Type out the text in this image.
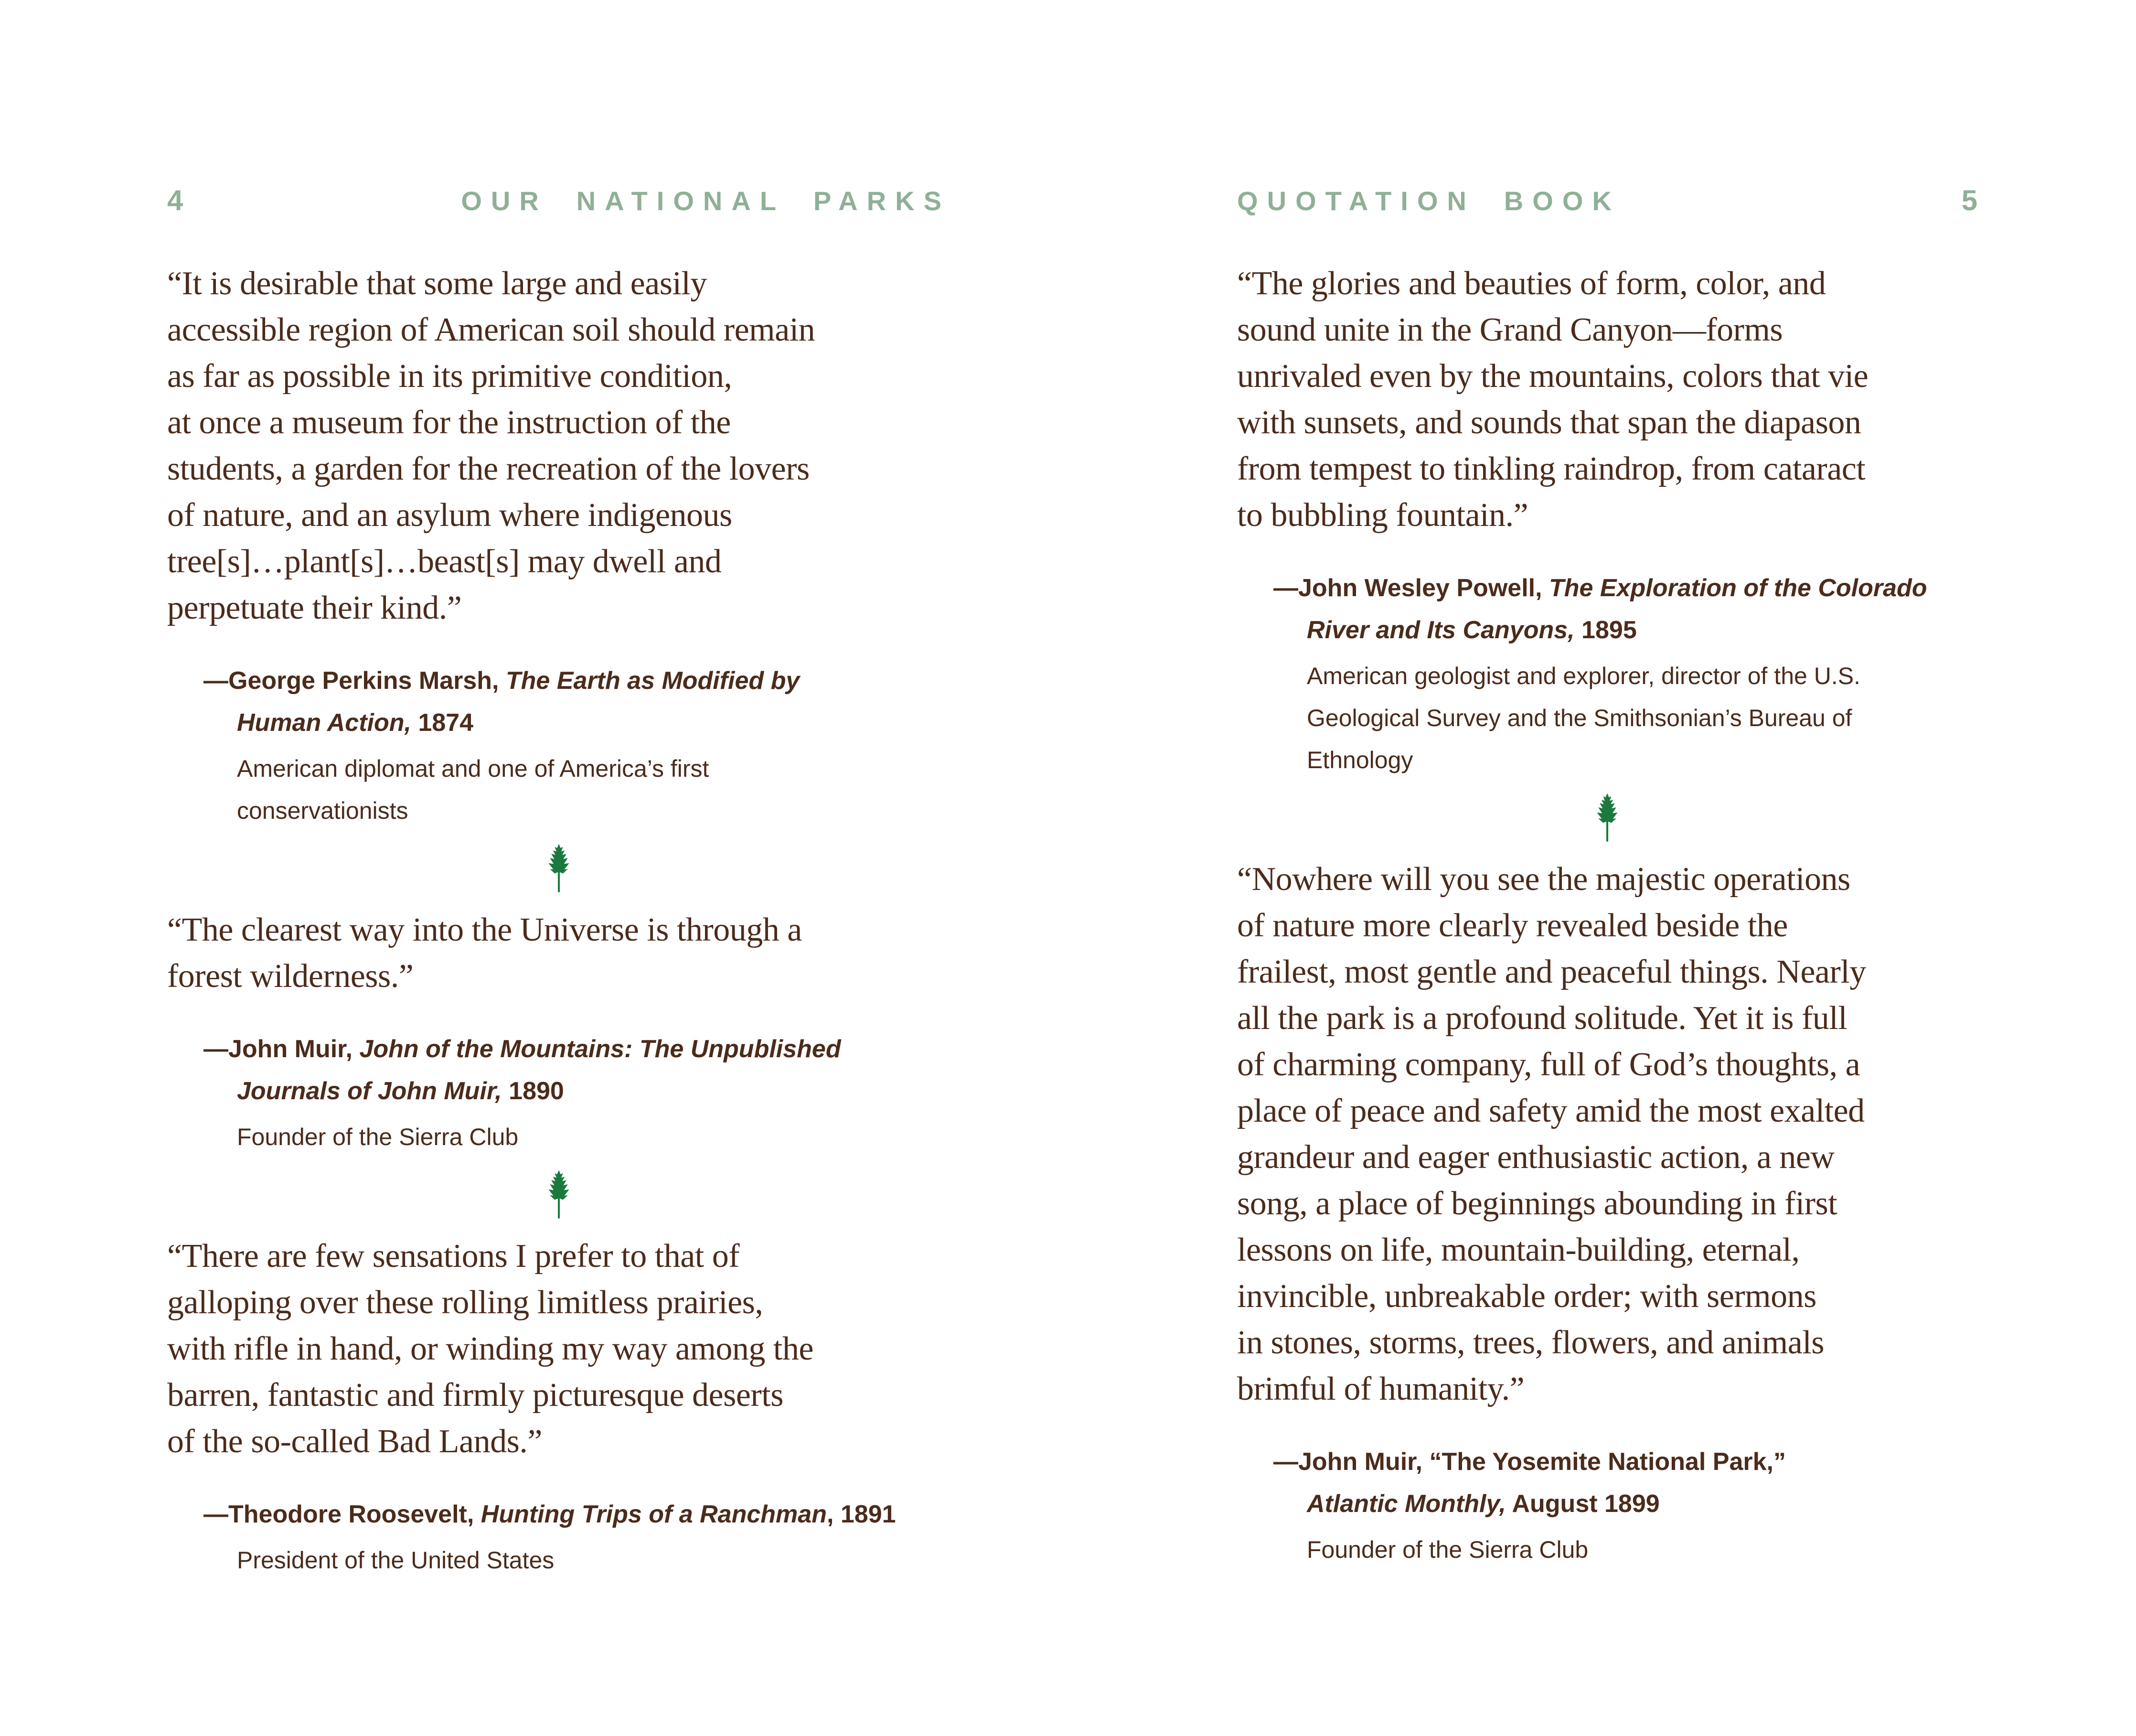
4	OUR NATIONAL PARKS
“It is desirable that some large and easily
accessible region of American soil should remain
as far as possible in its primitive condition,
at once a museum for the instruction of the
students, a garden for the recreation of the lovers
of nature, and an asylum where indigenous
tree[s]…plant[s]…beast[s] may dwell and
perpetuate their kind.”
—George Perkins Marsh, The Earth as Modified by
Human Action, 1874
American diplomat and one of America’s first
conservationists
“The clearest way into the Universe is through a
forest wilderness.”
—John Muir, John of the Mountains: The Unpublished
Journals of John Muir, 1890
Founder of the Sierra Club
“There are few sensations I prefer to that of
galloping over these rolling limitless prairies,
with rifle in hand, or winding my way among the
barren, fantastic and firmly picturesque deserts
of the so-called Bad Lands.”
—Theodore Roosevelt, Hunting Trips of a Ranchman, 1891
President of the United States
QUOTATION BOOK	5
“The glories and beauties of form, color, and
sound unite in the Grand Canyon—forms
unrivaled even by the mountains, colors that vie
with sunsets, and sounds that span the diapason
from tempest to tinkling raindrop, from cataract
to bubbling fountain.”
—John Wesley Powell, The Exploration of the Colorado
River and Its Canyons, 1895
American geologist and explorer, director of the U.S.
Geological Survey and the Smithsonian’s Bureau of
Ethnology
“Nowhere will you see the majestic operations
of nature more clearly revealed beside the
frailest, most gentle and peaceful things. Nearly
all the park is a profound solitude. Yet it is full
of charming company, full of God’s thoughts, a
place of peace and safety amid the most exalted
grandeur and eager enthusiastic action, a new
song, a place of beginnings abounding in first
lessons on life, mountain-building, eternal,
invincible, unbreakable order; with sermons
in stones, storms, trees, flowers, and animals
brimful of humanity.”
—John Muir, “The Yosemite National Park,”
Atlantic Monthly, August 1899
Founder of the Sierra Club
